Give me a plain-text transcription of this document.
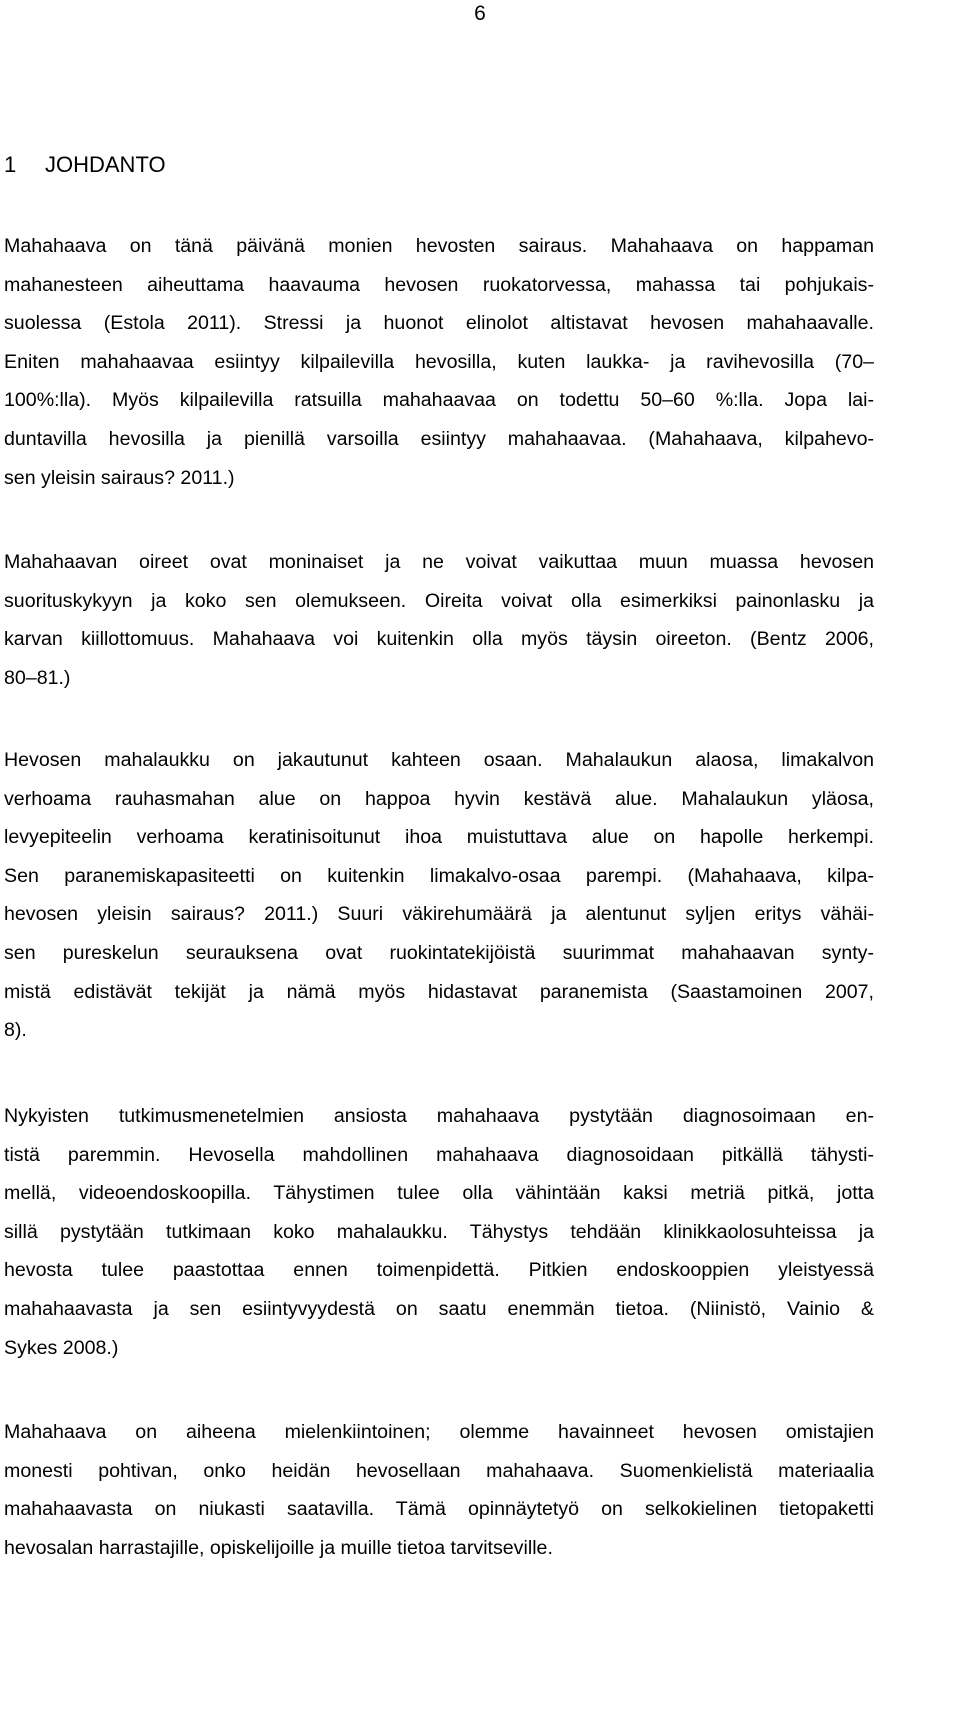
6
1 JOHDANTO
Mahahaava on tänä päivänä monien hevosten sairaus. Mahahaava on happaman
mahanesteen aiheuttama haavauma hevosen ruokatorvessa, mahassa tai pohjukais-
suolessa (Estola 2011). Stressi ja huonot elinolot altistavat hevosen mahahaavalle.
Eniten mahahaavaa esiintyy kilpailevilla hevosilla, kuten laukka- ja ravihevosilla (70–
100%:lla). Myös kilpailevilla ratsuilla mahahaavaa on todettu 50–60 %:lla. Jopa lai-
duntavilla hevosilla ja pienillä varsoilla esiintyy mahahaavaa. (Mahahaava, kilpahevo-
sen yleisin sairaus? 2011.)
Mahahaavan oireet ovat moninaiset ja ne voivat vaikuttaa muun muassa hevosen
suorituskykyyn ja koko sen olemukseen. Oireita voivat olla esimerkiksi painonlasku ja
karvan kiillottomuus. Mahahaava voi kuitenkin olla myös täysin oireeton. (Bentz 2006,
80–81.)
Hevosen mahalaukku on jakautunut kahteen osaan. Mahalaukun alaosa, limakalvon
verhoama rauhasmahan alue on happoa hyvin kestävä alue. Mahalaukun yläosa,
levyepiteelin verhoama keratinisoitunut ihoa muistuttava alue on hapolle herkempi.
Sen paranemiskapasiteetti on kuitenkin limakalvo-osaa parempi. (Mahahaava, kilpa-
hevosen yleisin sairaus? 2011.) Suuri väkirehumäärä ja alentunut syljen eritys vähäi-
sen pureskelun seurauksena ovat ruokintatekijöistä suurimmat mahahaavan synty-
mistä edistävät tekijät ja nämä myös hidastavat paranemista (Saastamoinen 2007,
8).
Nykyisten tutkimusmenetelmien ansiosta mahahaava pystytään diagnosoimaan en-
tistä paremmin. Hevosella mahdollinen mahahaava diagnosoidaan pitkällä tähysti-
mellä, videoendoskoopilla. Tähystimen tulee olla vähintään kaksi metriä pitkä, jotta
sillä pystytään tutkimaan koko mahalaukku. Tähystys tehdään klinikkaolosuhteissa ja
hevosta tulee paastottaa ennen toimenpidettä. Pitkien endoskooppien yleistyessä
mahahaavasta ja sen esiintyvyydestä on saatu enemmän tietoa. (Niinistö, Vainio &
Sykes 2008.)
Mahahaava on aiheena mielenkiintoinen; olemme havainneet hevosen omistajien
monesti pohtivan, onko heidän hevosellaan mahahaava. Suomenkielistä materiaalia
mahahaavasta on niukasti saatavilla. Tämä opinnäytetyö on selkokielinen tietopaketti
hevosalan harrastajille, opiskelijoille ja muille tietoa tarvitseville.
